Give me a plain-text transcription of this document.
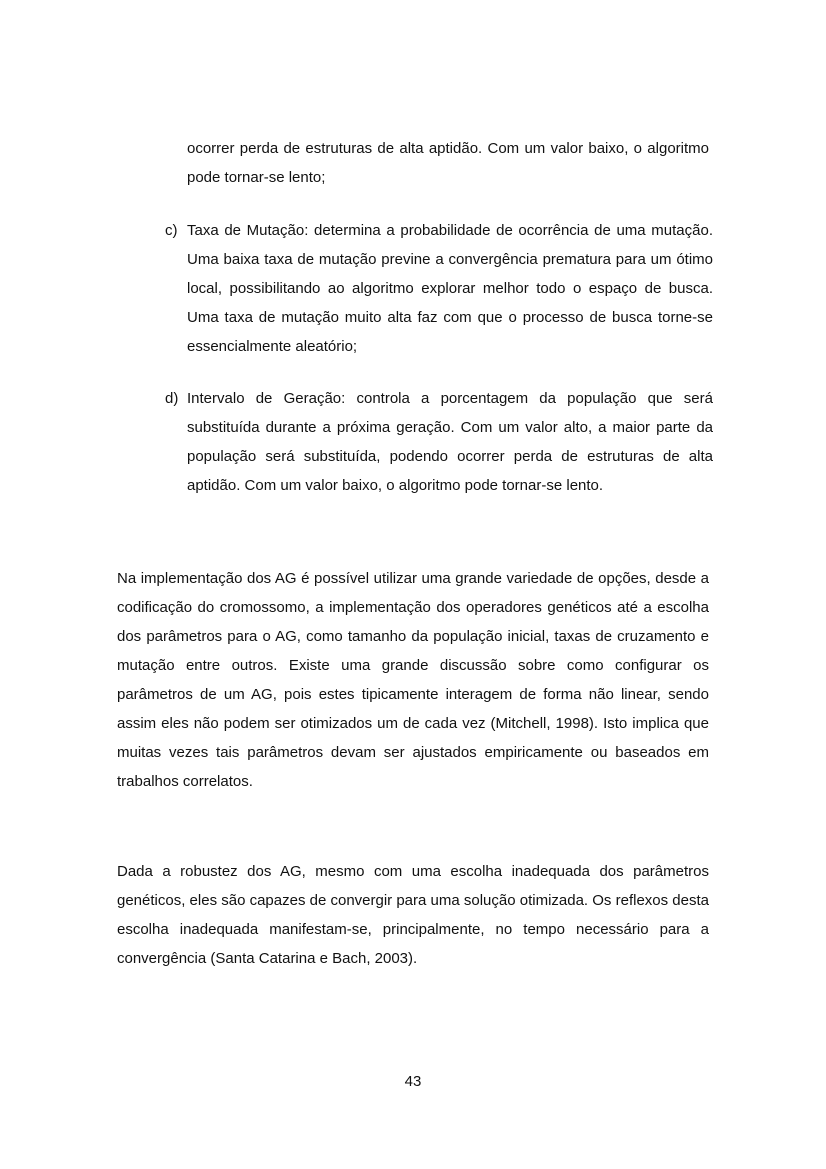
ocorrer perda de estruturas de alta aptidão. Com um valor baixo, o algoritmo pode tornar-se lento;

c) Taxa de Mutação: determina a probabilidade de ocorrência de uma mutação. Uma baixa taxa de mutação previne a convergência prematura para um ótimo local, possibilitando ao algoritmo explorar melhor todo o espaço de busca. Uma taxa de mutação muito alta faz com que o processo de busca torne-se essencialmente aleatório;

d) Intervalo de Geração: controla a porcentagem da população que será substituída durante a próxima geração. Com um valor alto, a maior parte da população será substituída, podendo ocorrer perda de estruturas de alta aptidão. Com um valor baixo, o algoritmo pode tornar-se lento.

Na implementação dos AG é possível utilizar uma grande variedade de opções, desde a codificação do cromossomo, a implementação dos operadores genéticos até a escolha dos parâmetros para o AG, como tamanho da população inicial, taxas de cruzamento e mutação entre outros. Existe uma grande discussão sobre como configurar os parâmetros de um AG, pois estes tipicamente interagem de forma não linear, sendo assim eles não podem ser otimizados um de cada vez (Mitchell, 1998). Isto implica que muitas vezes tais parâmetros devam ser ajustados empiricamente ou baseados em trabalhos correlatos.

Dada a robustez dos AG, mesmo com uma escolha inadequada dos parâmetros genéticos, eles são capazes de convergir para uma solução otimizada. Os reflexos desta escolha inadequada manifestam-se, principalmente, no tempo necessário para a convergência (Santa Catarina e Bach, 2003).

43
